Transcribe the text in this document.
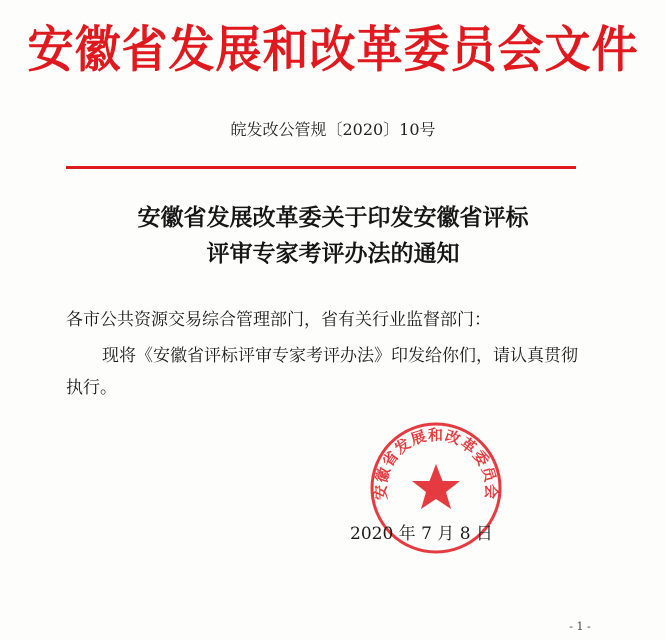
安徽省发展和改革委员会文件
皖发改公管规〔2020〕10号
安徽省发展改革委关于印发安徽省评标
评审专家考评办法的通知
各市公共资源交易综合管理部门，省有关行业监督部门：
现将《安徽省评标评审专家考评办法》印发给你们，请认真贯彻执行。
安徽省发展和改革委员会
2020 年 7 月 8 日
- 1 -
